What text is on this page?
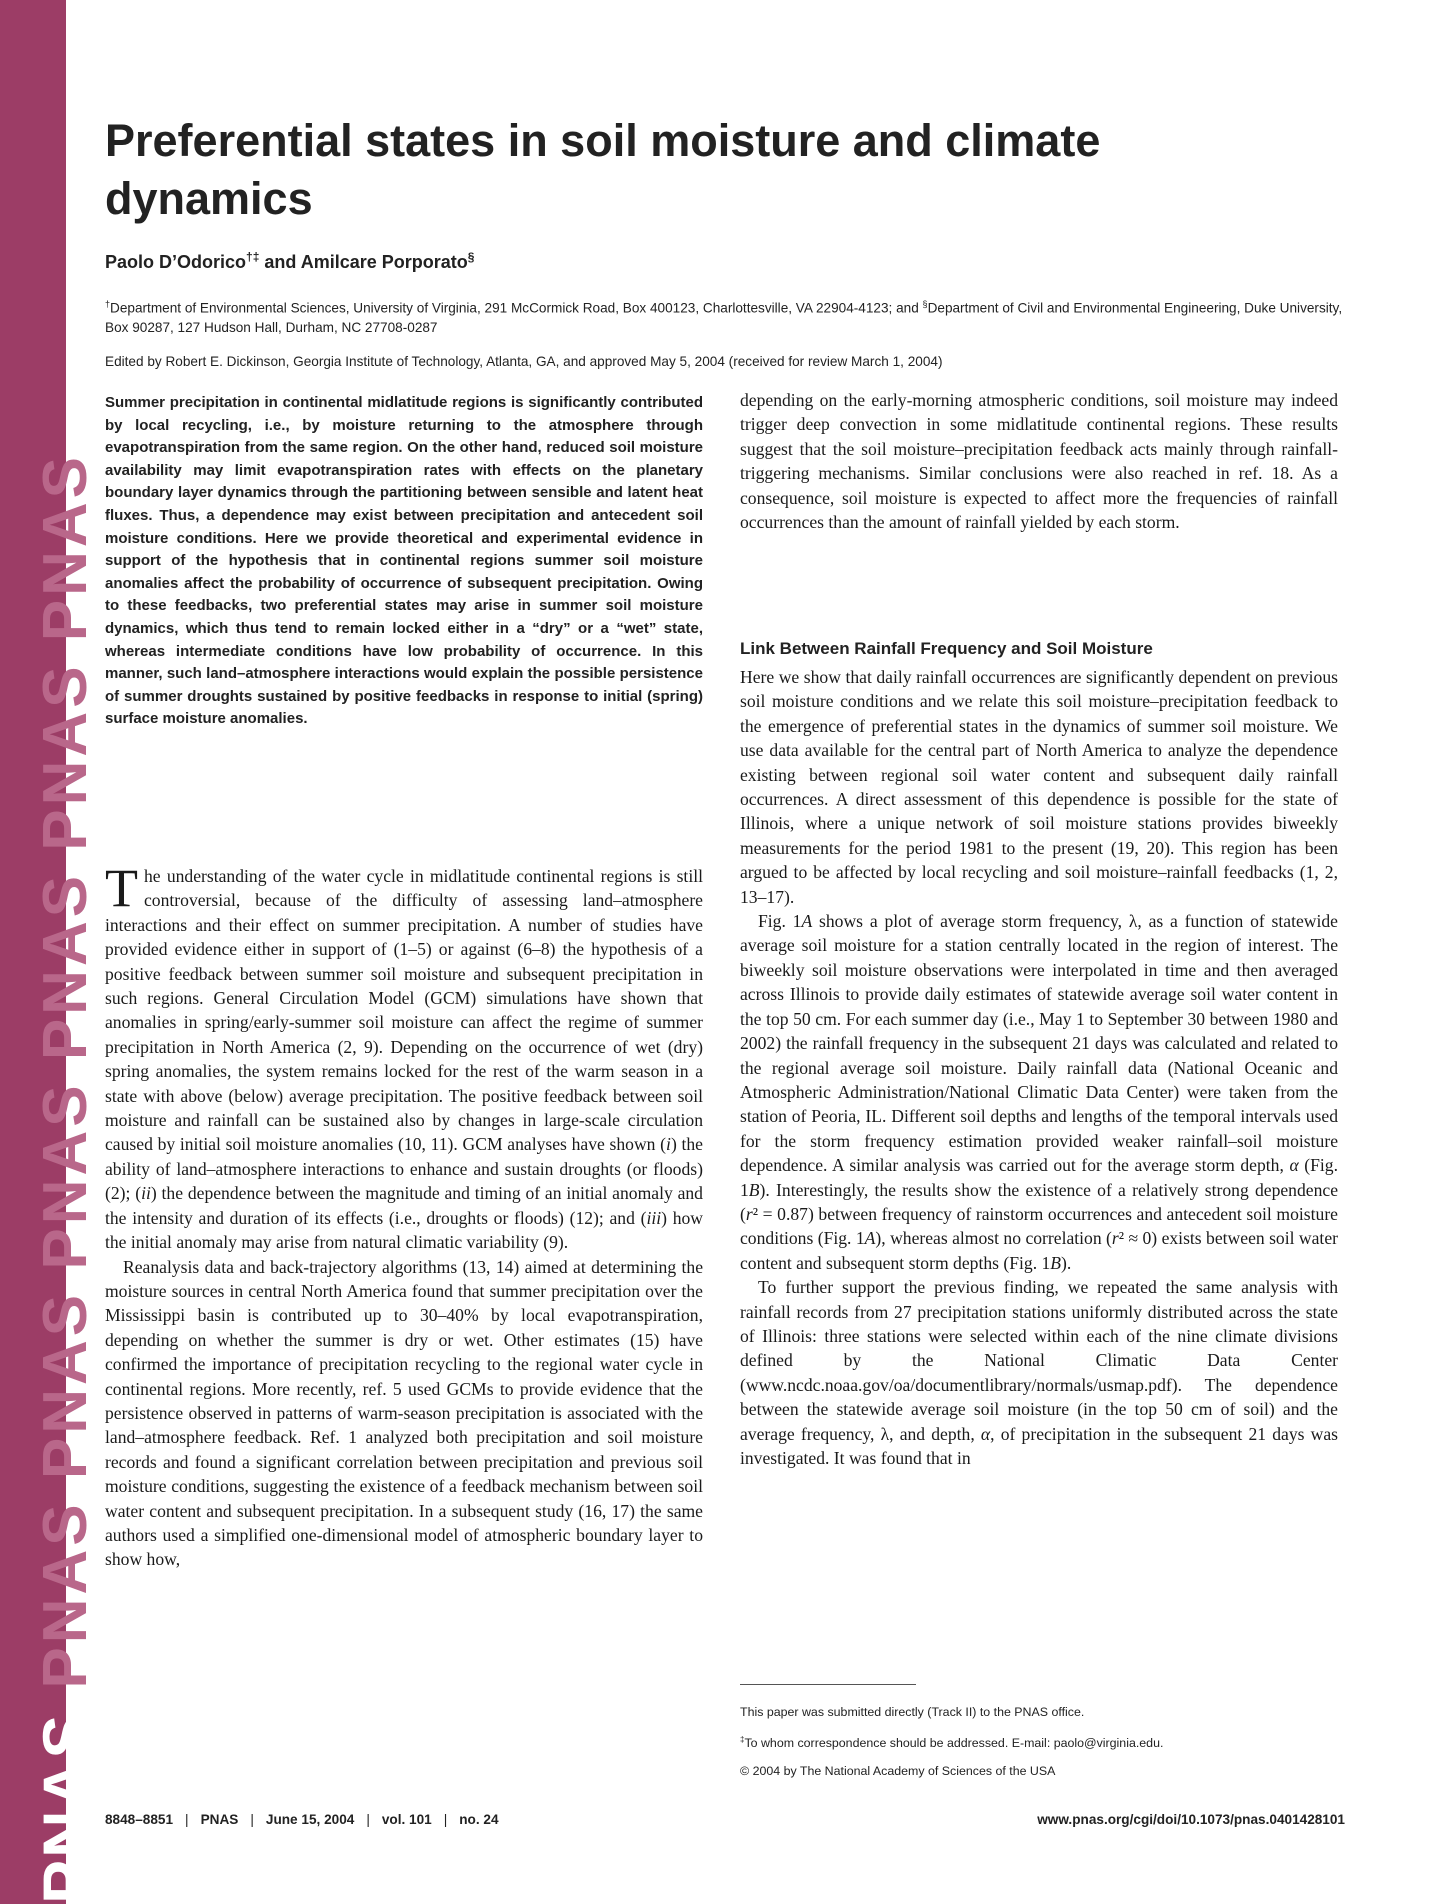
PNASPNAS PNAS PNAS PNAS PNAS PNAS
Preferential states in soil moisture and climate dynamics
Paolo D’Odorico†‡ and Amilcare Porporato§
†Department of Environmental Sciences, University of Virginia, 291 McCormick Road, Box 400123, Charlottesville, VA 22904-4123; and §Department of Civil and Environmental Engineering, Duke University, Box 90287, 127 Hudson Hall, Durham, NC 27708-0287
Edited by Robert E. Dickinson, Georgia Institute of Technology, Atlanta, GA, and approved May 5, 2004 (received for review March 1, 2004)

Summer precipitation in continental midlatitude regions is significantly contributed by local recycling, i.e., by moisture returning to the atmosphere through evapotranspiration from the same region. On the other hand, reduced soil moisture availability may limit evapotranspiration rates with effects on the planetary boundary layer dynamics through the partitioning between sensible and latent heat fluxes. Thus, a dependence may exist between precipitation and antecedent soil moisture conditions. Here we provide theoretical and experimental evidence in support of the hypothesis that in continental regions summer soil moisture anomalies affect the probability of occurrence of subsequent precipitation. Owing to these feedbacks, two preferential states may arise in summer soil moisture dynamics, which thus tend to remain locked either in a “dry” or a “wet” state, whereas intermediate conditions have low probability of occurrence. In this manner, such land–atmosphere interactions would explain the possible persistence of summer droughts sustained by positive feedbacks in response to initial (spring) surface moisture anomalies.

The understanding of the water cycle in midlatitude continental regions is still controversial, because of the difficulty of assessing land–atmosphere interactions and their effect on summer precipitation. A number of studies have provided evidence either in support of (1–5) or against (6–8) the hypothesis of a positive feedback between summer soil moisture and subsequent precipitation in such regions. General Circulation Model (GCM) simulations have shown that anomalies in spring/early-summer soil moisture can affect the regime of summer precipitation in North America (2, 9). Depending on the occurrence of wet (dry) spring anomalies, the system remains locked for the rest of the warm season in a state with above (below) average precipitation. The positive feedback between soil moisture and rainfall can be sustained also by changes in large-scale circulation caused by initial soil moisture anomalies (10, 11). GCM analyses have shown (i) the ability of land–atmosphere interactions to enhance and sustain droughts (or floods) (2); (ii) the dependence between the magnitude and timing of an initial anomaly and the intensity and duration of its effects (i.e., droughts or floods) (12); and (iii) how the initial anomaly may arise from natural climatic variability (9).

Reanalysis data and back-trajectory algorithms (13, 14) aimed at determining the moisture sources in central North America found that summer precipitation over the Mississippi basin is contributed up to 30–40% by local evapotranspiration, depending on whether the summer is dry or wet. Other estimates (15) have confirmed the importance of precipitation recycling to the regional water cycle in continental regions. More recently, ref. 5 used GCMs to provide evidence that the persistence observed in patterns of warm-season precipitation is associated with the land–atmosphere feedback. Ref. 1 analyzed both precipitation and soil moisture records and found a significant correlation between precipitation and previous soil moisture conditions, suggesting the existence of a feedback mechanism between soil water content and subsequent precipitation. In a subsequent study (16, 17) the same authors used a simplified one-dimensional model of atmospheric boundary layer to show how,

depending on the early-morning atmospheric conditions, soil moisture may indeed trigger deep convection in some midlatitude continental regions. These results suggest that the soil moisture–precipitation feedback acts mainly through rainfall-triggering mechanisms. Similar conclusions were also reached in ref. 18. As a consequence, soil moisture is expected to affect more the frequencies of rainfall occurrences than the amount of rainfall yielded by each storm.

Link Between Rainfall Frequency and Soil Moisture

Here we show that daily rainfall occurrences are significantly dependent on previous soil moisture conditions and we relate this soil moisture–precipitation feedback to the emergence of preferential states in the dynamics of summer soil moisture. We use data available for the central part of North America to analyze the dependence existing between regional soil water content and subsequent daily rainfall occurrences. A direct assessment of this dependence is possible for the state of Illinois, where a unique network of soil moisture stations provides biweekly measurements for the period 1981 to the present (19, 20). This region has been argued to be affected by local recycling and soil moisture–rainfall feedbacks (1, 2, 13–17).

Fig. 1A shows a plot of average storm frequency, λ, as a function of statewide average soil moisture for a station centrally located in the region of interest. The biweekly soil moisture observations were interpolated in time and then averaged across Illinois to provide daily estimates of statewide average soil water content in the top 50 cm. For each summer day (i.e., May 1 to September 30 between 1980 and 2002) the rainfall frequency in the subsequent 21 days was calculated and related to the regional average soil moisture. Daily rainfall data (National Oceanic and Atmospheric Administration/National Climatic Data Center) were taken from the station of Peoria, IL. Different soil depths and lengths of the temporal intervals used for the storm frequency estimation provided weaker rainfall–soil moisture dependence. A similar analysis was carried out for the average storm depth, α (Fig. 1B). Interestingly, the results show the existence of a relatively strong dependence (r² = 0.87) between frequency of rainstorm occurrences and antecedent soil moisture conditions (Fig. 1A), whereas almost no correlation (r² ≈ 0) exists between soil water content and subsequent storm depths (Fig. 1B).

To further support the previous finding, we repeated the same analysis with rainfall records from 27 precipitation stations uniformly distributed across the state of Illinois: three stations were selected within each of the nine climate divisions defined by the National Climatic Data Center (www.ncdc.noaa.gov/oa/documentlibrary/normals/usmap.pdf). The dependence between the statewide average soil moisture (in the top 50 cm of soil) and the average frequency, λ, and depth, α, of precipitation in the subsequent 21 days was investigated. It was found that in

This paper was submitted directly (Track II) to the PNAS office.
‡To whom correspondence should be addressed. E-mail: paolo@virginia.edu.
© 2004 by The National Academy of Sciences of the USA
8848–8851 | PNAS | June 15, 2004 | vol. 101 | no. 24	www.pnas.org/cgi/doi/10.1073/pnas.0401428101
